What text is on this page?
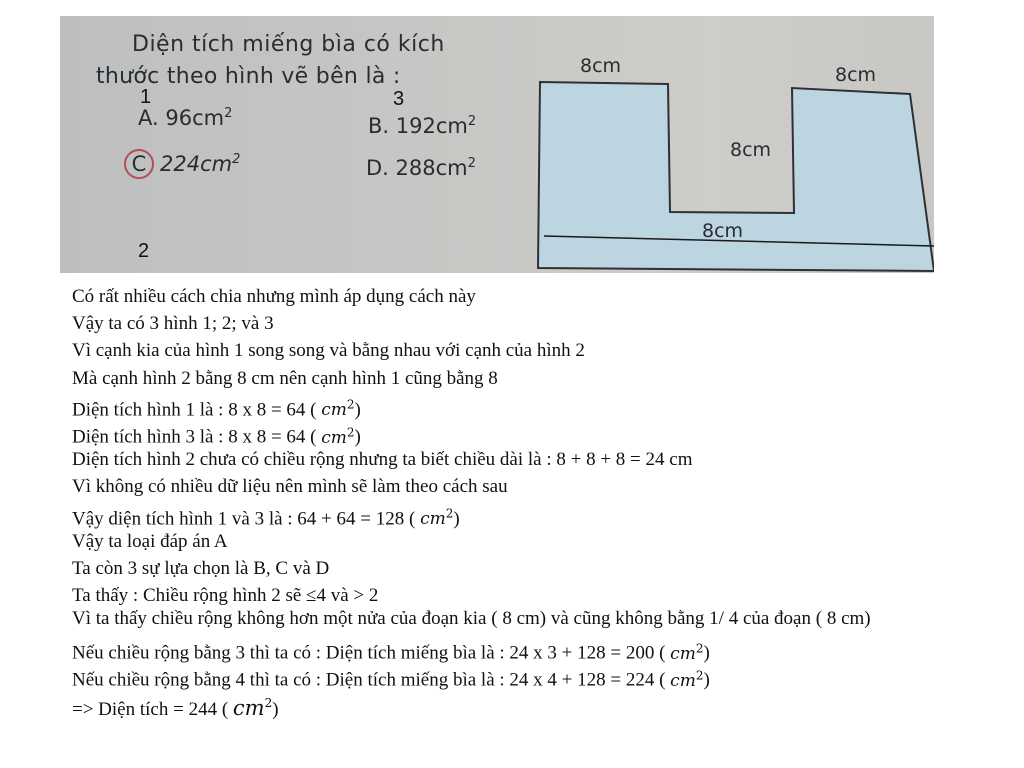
Diện tích miếng bìa có kích
thước theo hình vẽ bên là :
A. $96cm^2$
B. $192cm^2$
C $224cm^2$	D. $288cm^2$
1	3
2
8cm	8cm
8cm
8cm
Có rất nhiều cách chia nhưng mình áp dụng cách này
Vậy ta có 3 hình 1; 2; và 3
Vì cạnh kia của hình 1 song song và bằng nhau với cạnh của hình 2
Mà cạnh hình 2 bằng 8 cm nên cạnh hình 1 cũng bằng 8
Diện tích hình 1 là : 8 x 8 = 64 ( $cm^2$)
Diện tích hình 3 là : 8 x 8 = 64 ( $cm^2$)
Diện tích hình 2 chưa có chiều rộng nhưng ta biết chiều dài là : 8 + 8 + 8 = 24 cm
Vì không có nhiều dữ liệu nên mình sẽ làm theo cách sau
Vậy diện tích hình 1 và 3 là : 64 + 64 = 128 ( $cm^2$)
Vậy ta loại đáp án A
Ta còn 3 sự lựa chọn là B, C và D
Ta thấy : Chiều rộng hình 2 sẽ ≤4 và > 2
Vì ta thấy chiều rộng không hơn một nửa của đoạn kia ( 8 cm) và cũng không bằng 1/ 4 của đoạn ( 8 cm)
Nếu chiều rộng bằng 3 thì ta có : Diện tích miếng bìa là : 24 x 3 + 128 = 200 ( $cm^2$)
Nếu chiều rộng bằng 4 thì ta có : Diện tích miếng bìa là : 24 x 4 + 128 = 224 ( $cm^2$)
=> Diện tích = 244 ( $cm^2$)
